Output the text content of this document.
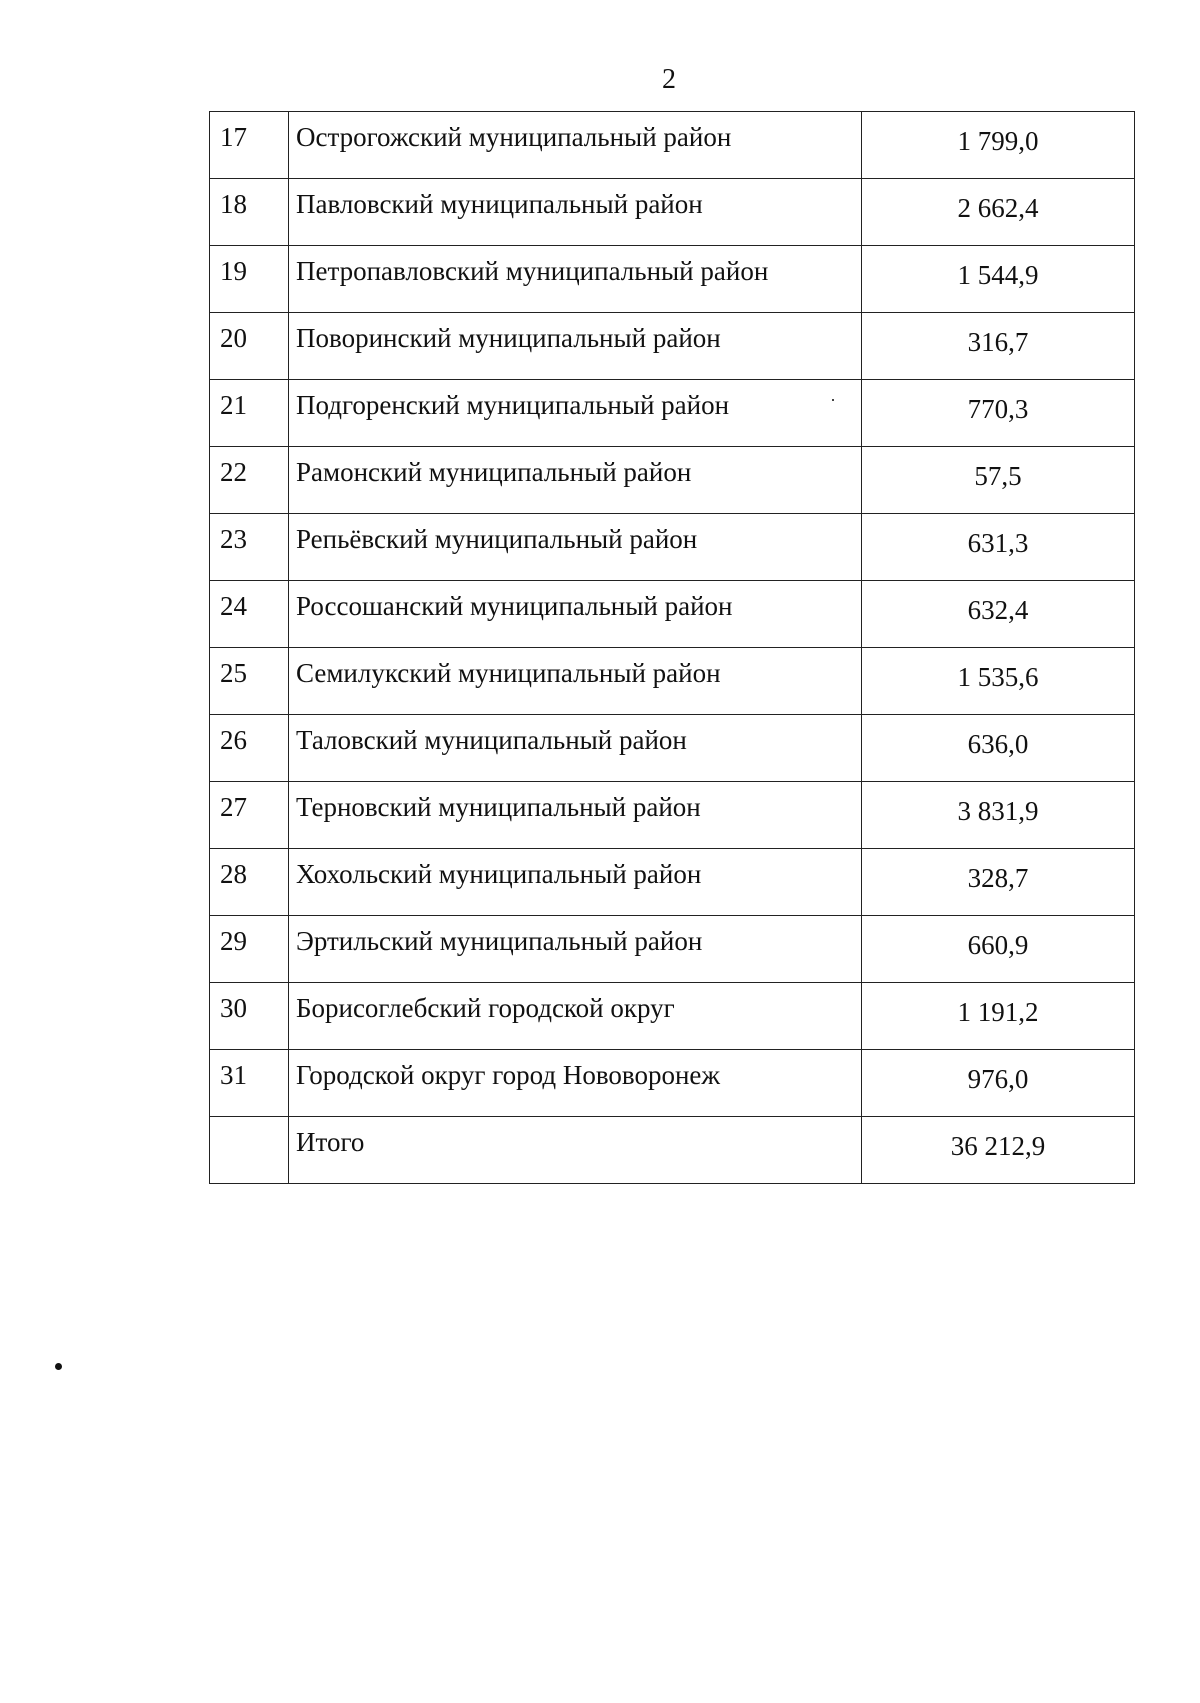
2
17	Острогожский муниципальный район	1 799,0
18	Павловский муниципальный район	2 662,4
19	Петропавловский муниципальный район	1 544,9
20	Поворинский муниципальный район	316,7
21	Подгоренский муниципальный район	770,3
22	Рамонский муниципальный район	57,5
23	Репьёвский муниципальный район	631,3
24	Россошанский муниципальный район	632,4
25	Семилукский муниципальный район	1 535,6
26	Таловский муниципальный район	636,0
27	Терновский муниципальный район	3 831,9
28	Хохольский муниципальный район	328,7
29	Эртильский муниципальный район	660,9
30	Борисоглебский городской округ	1 191,2
31	Городской округ город Нововоронеж	976,0
	Итого	36 212,9
